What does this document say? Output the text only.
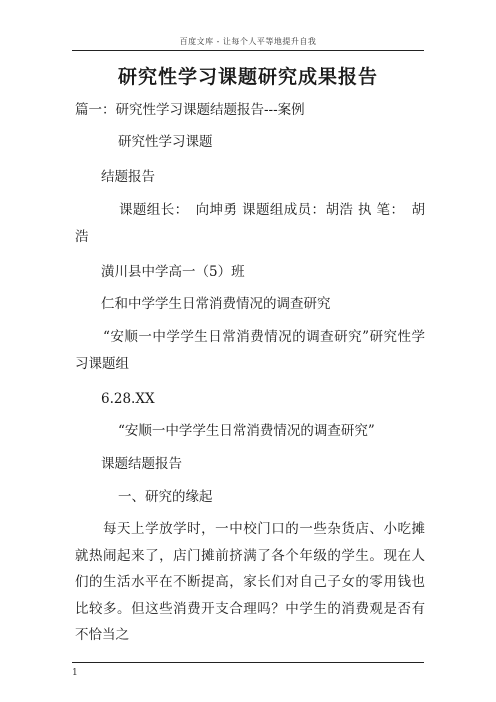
百度文库 - 让每个人平等地提升自我
研究性学习课题研究成果报告
篇一：研究性学习课题结题报告---案例
研究性学习课题
结题报告
课题组长：　向坤勇 课题组成员：胡浩 执 笔：　胡浩
潢川县中学高一（5）班
仁和中学学生日常消费情况的调查研究
“安顺一中学学生日常消费情况的调查研究”研究性学习课题组
6.28.XX
“安顺一中学学生日常消费情况的调查研究”
课题结题报告
一、研究的缘起
每天上学放学时，一中校门口的一些杂货店、小吃摊就热闹起来了，店门摊前挤满了各个年级的学生。现在人们的生活水平在不断提高，家长们对自己子女的零用钱也比较多。但这些消费开支合理吗？中学生的消费观是否有不恰当之
1
